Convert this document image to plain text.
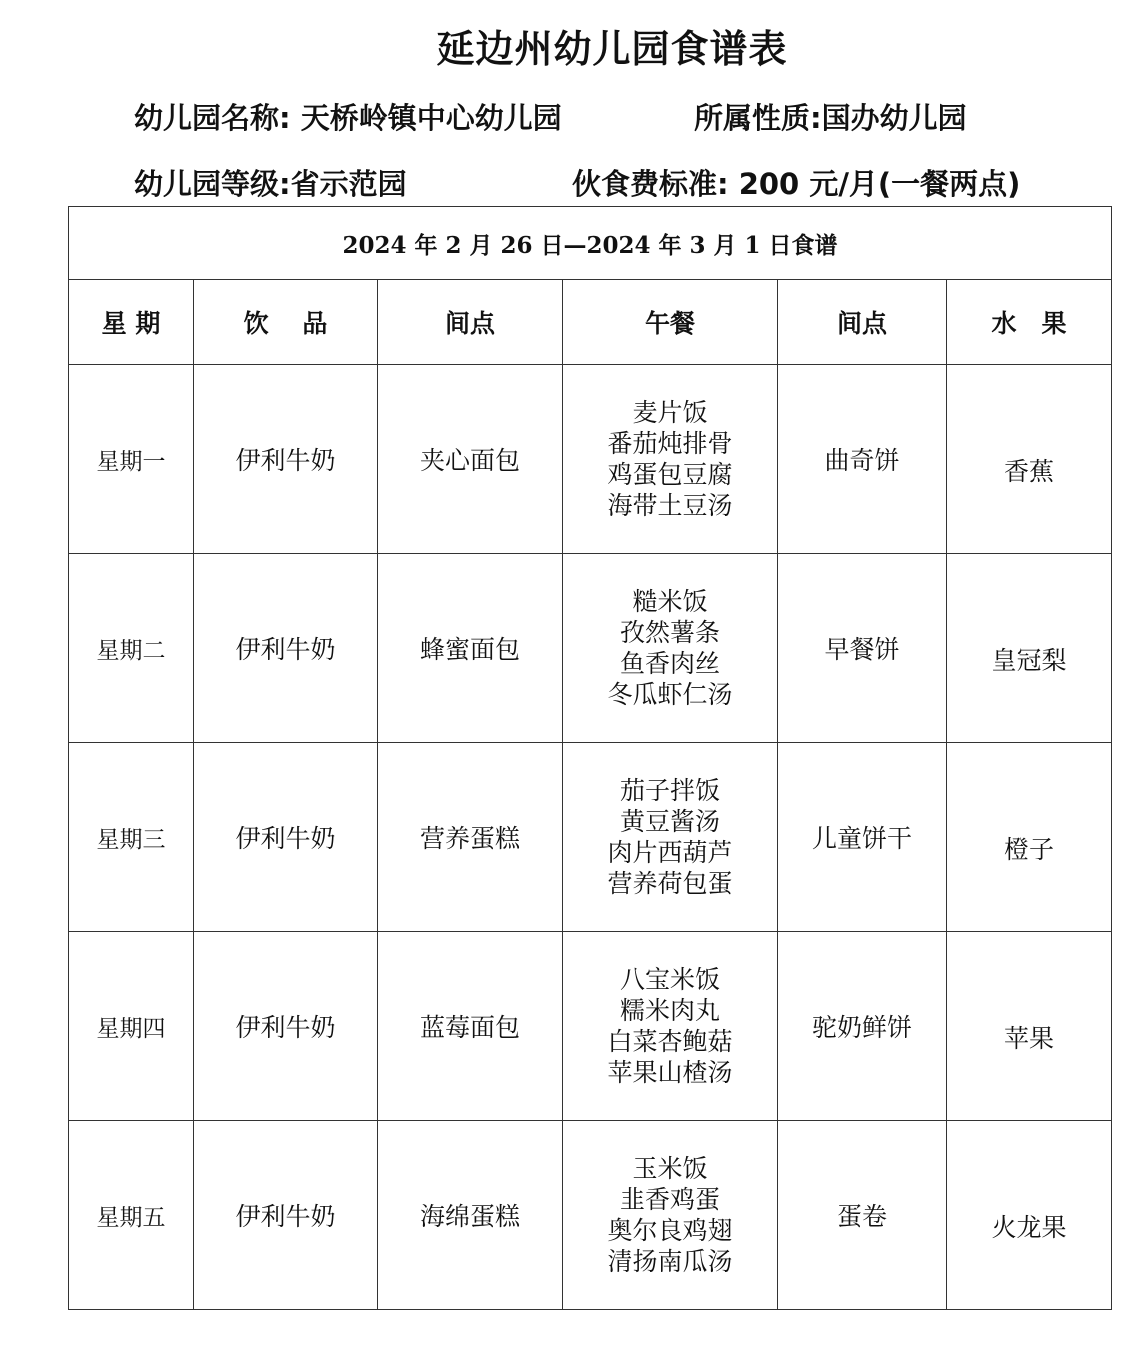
延边州幼儿园食谱表
幼儿园名称: 天桥岭镇中心幼儿园	所属性质:国办幼儿园
幼儿园等级:省示范园	伙食费标准: 200 元/月(一餐两点)
2024 年 2 月 26 日—2024 年 3 月 1 日食谱					
星 期	饮　 品	间点	午餐	间点	水　果
星期一	伊利牛奶	夹心面包	麦片饭
番茄炖排骨
鸡蛋包豆腐
海带土豆汤	曲奇饼	香蕉
星期二	伊利牛奶	蜂蜜面包	糙米饭
孜然薯条
鱼香肉丝
冬瓜虾仁汤	早餐饼	皇冠梨
星期三	伊利牛奶	营养蛋糕	茄子拌饭
黄豆酱汤
肉片西葫芦
营养荷包蛋	儿童饼干	橙子
星期四	伊利牛奶	蓝莓面包	八宝米饭
糯米肉丸
白菜杏鲍菇
苹果山楂汤	驼奶鲜饼	苹果
星期五	伊利牛奶	海绵蛋糕	玉米饭
韭香鸡蛋
奥尔良鸡翅
清扬南瓜汤	蛋卷	火龙果
